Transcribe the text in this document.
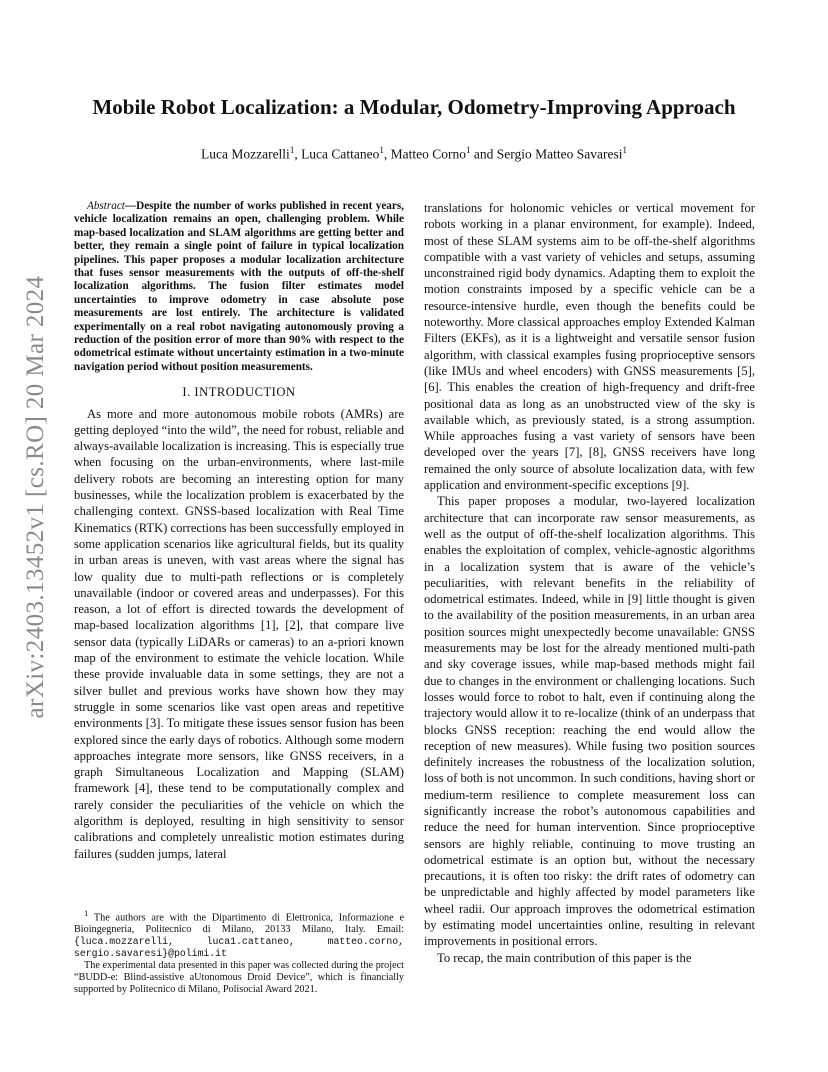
arXiv:2403.13452v1 [cs.RO] 20 Mar 2024
Mobile Robot Localization: a Modular, Odometry-Improving Approach
Luca Mozzarelli$^1$, Luca Cattaneo$^1$, Matteo Corno$^1$ and Sergio Matteo Savaresi$^1$

Abstract—Despite the number of works published in recent years, vehicle localization remains an open, challenging problem. While map-based localization and SLAM algorithms are getting better and better, they remain a single point of failure in typical localization pipelines. This paper proposes a modular localization architecture that fuses sensor measurements with the outputs of off-the-shelf localization algorithms. The fusion filter estimates model uncertainties to improve odometry in case absolute pose measurements are lost entirely. The architecture is validated experimentally on a real robot navigating autonomously proving a reduction of the position error of more than 90% with respect to the odometrical estimate without uncertainty estimation in a two-minute navigation period without position measurements.

I. INTRODUCTION

As more and more autonomous mobile robots (AMRs) are getting deployed “into the wild”, the need for robust, reliable and always-available localization is increasing. This is especially true when focusing on the urban-environments, where last-mile delivery robots are becoming an interesting option for many businesses, while the localization problem is exacerbated by the challenging context. GNSS-based localization with Real Time Kinematics (RTK) corrections has been successfully employed in some application scenarios like agricultural fields, but its quality in urban areas is uneven, with vast areas where the signal has low quality due to multi-path reflections or is completely unavailable (indoor or covered areas and underpasses). For this reason, a lot of effort is directed towards the development of map-based localization algorithms [1], [2], that compare live sensor data (typically LiDARs or cameras) to an a-priori known map of the environment to estimate the vehicle location. While these provide invaluable data in some settings, they are not a silver bullet and previous works have shown how they may struggle in some scenarios like vast open areas and repetitive environments [3]. To mitigate these issues sensor fusion has been explored since the early days of robotics. Although some modern approaches integrate more sensors, like GNSS receivers, in a graph Simultaneous Localization and Mapping (SLAM) framework [4], these tend to be computationally complex and rarely consider the peculiarities of the vehicle on which the algorithm is deployed, resulting in high sensitivity to sensor calibrations and completely unrealistic motion estimates during failures (sudden jumps, lateral

$^1$ The authors are with the Dipartimento di Elettronica, Informazione e Bioingegneria, Politecnico di Milano, 20133 Milano, Italy. Email: {luca.mozzarelli, luca1.cattaneo, matteo.corno, sergio.savaresi}@polimi.it

The experimental data presented in this paper was collected during the project “BUDD-e: Blind-assistive aUtonomous Droid Device”, which is financially supported by Politecnico di Milano, Polisocial Award 2021.

translations for holonomic vehicles or vertical movement for robots working in a planar environment, for example). Indeed, most of these SLAM systems aim to be off-the-shelf algorithms compatible with a vast variety of vehicles and setups, assuming unconstrained rigid body dynamics. Adapting them to exploit the motion constraints imposed by a specific vehicle can be a resource-intensive hurdle, even though the benefits could be noteworthy. More classical approaches employ Extended Kalman Filters (EKFs), as it is a lightweight and versatile sensor fusion algorithm, with classical examples fusing proprioceptive sensors (like IMUs and wheel encoders) with GNSS measurements [5], [6]. This enables the creation of high-frequency and drift-free positional data as long as an unobstructed view of the sky is available which, as previously stated, is a strong assumption. While approaches fusing a vast variety of sensors have been developed over the years [7], [8], GNSS receivers have long remained the only source of absolute localization data, with few application and environment-specific exceptions [9].

This paper proposes a modular, two-layered localization architecture that can incorporate raw sensor measurements, as well as the output of off-the-shelf localization algorithms. This enables the exploitation of complex, vehicle-agnostic algorithms in a localization system that is aware of the vehicle’s peculiarities, with relevant benefits in the reliability of odometrical estimates. Indeed, while in [9] little thought is given to the availability of the position measurements, in an urban area position sources might unexpectedly become unavailable: GNSS measurements may be lost for the already mentioned multi-path and sky coverage issues, while map-based methods might fail due to changes in the environment or challenging locations. Such losses would force to robot to halt, even if continuing along the trajectory would allow it to re-localize (think of an underpass that blocks GNSS reception: reaching the end would allow the reception of new measures). While fusing two position sources definitely increases the robustness of the localization solution, loss of both is not uncommon. In such conditions, having short or medium-term resilience to complete measurement loss can significantly increase the robot’s autonomous capabilities and reduce the need for human intervention. Since proprioceptive sensors are highly reliable, continuing to move trusting an odometrical estimate is an option but, without the necessary precautions, it is often too risky: the drift rates of odometry can be unpredictable and highly affected by model parameters like wheel radii. Our approach improves the odometrical estimation by estimating model uncertainties online, resulting in relevant improvements in positional errors.

To recap, the main contribution of this paper is the
